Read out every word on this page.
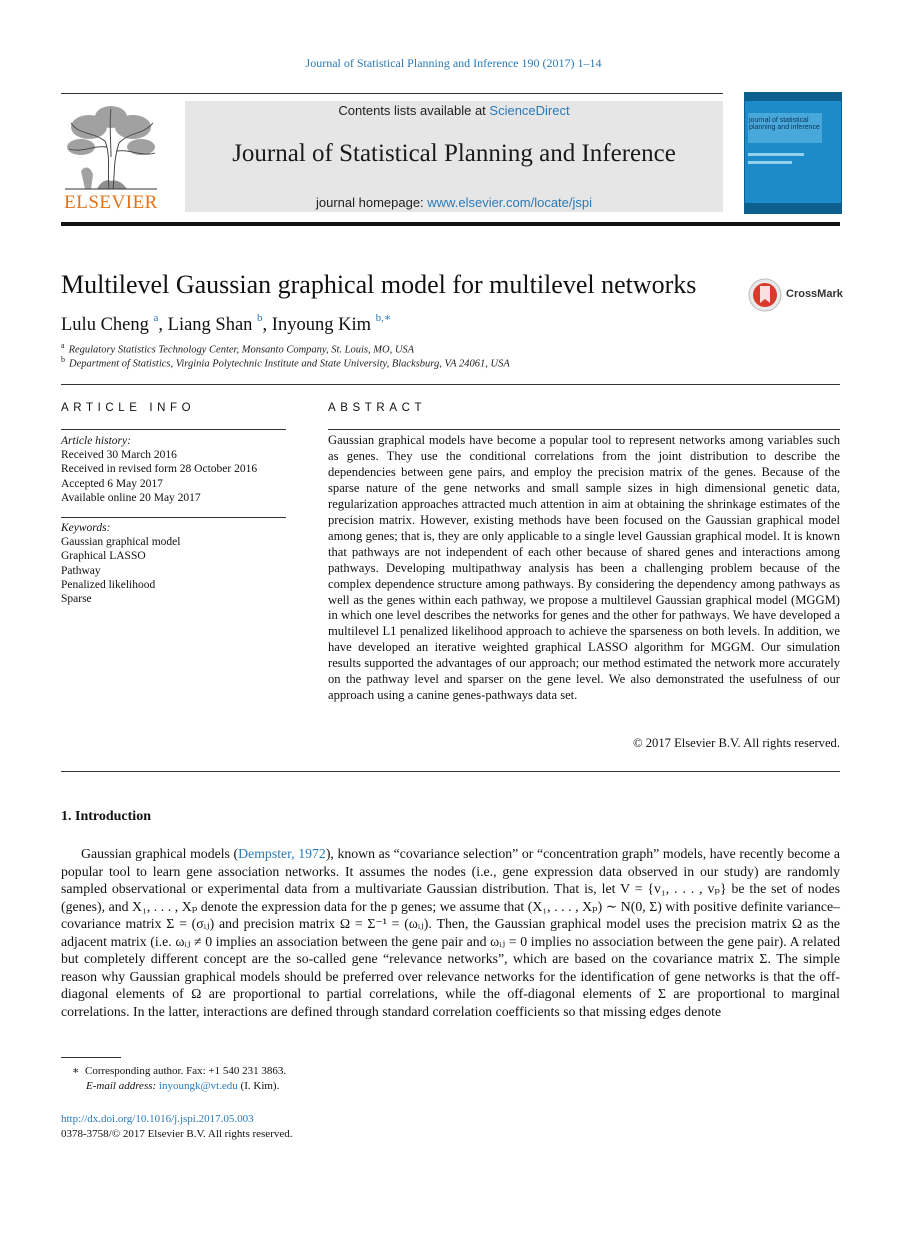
Journal of Statistical Planning and Inference 190 (2017) 1–14
Contents lists available at ScienceDirect
Journal of Statistical Planning and Inference
journal homepage: www.elsevier.com/locate/jspi
ELSEVIER
journal of statistical planning and inference
Multilevel Gaussian graphical model for multilevel networks	CrossMark
Lulu Cheng $^a$, Liang Shan $^b$, Inyoung Kim $^{b,∗}$
$^a$ Regulatory Statistics Technology Center, Monsanto Company, St. Louis, MO, USA
$^b$ Department of Statistics, Virginia Polytechnic Institute and State University, Blacksburg, VA 24061, USA
ARTICLE INFO
Article history:
Received 30 March 2016
Received in revised form 28 October 2016
Accepted 6 May 2017
Available online 20 May 2017
Keywords:
Gaussian graphical model
Graphical LASSO
Pathway
Penalized likelihood
Sparse
ABSTRACT
Gaussian graphical models have become a popular tool to represent networks among variables such as genes. They use the conditional correlations from the joint distribution to describe the dependencies between gene pairs, and employ the precision matrix of the genes. Because of the sparse nature of the gene networks and small sample sizes in high dimensional genetic data, regularization approaches attracted much attention in aim at obtaining the shrinkage estimates of the precision matrix. However, existing methods have been focused on the Gaussian graphical model among genes; that is, they are only applicable to a single level Gaussian graphical model. It is known that pathways are not independent of each other because of shared genes and interactions among pathways. Developing multipathway analysis has been a challenging problem because of the complex dependence structure among pathways. By considering the dependency among pathways as well as the genes within each pathway, we propose a multilevel Gaussian graphical model (MGGM) in which one level describes the networks for genes and the other for pathways. We have developed a multilevel L1 penalized likelihood approach to achieve the sparseness on both levels. In addition, we have developed an iterative weighted graphical LASSO algorithm for MGGM. Our simulation results supported the advantages of our approach; our method estimated the network more accurately on the pathway level and sparser on the gene level. We also demonstrated the usefulness of our approach using a canine genes-pathways data set.
© 2017 Elsevier B.V. All rights reserved.
1. Introduction

Gaussian graphical models (Dempster, 1972), known as “covariance selection” or “concentration graph” models, have recently become a popular tool to learn gene association networks. It assumes the nodes (i.e., gene expression data observed in our study) are randomly sampled observational or experimental data from a multivariate Gaussian distribution. That is, let V = {v₁, . . . , vₚ} be the set of nodes (genes), and X₁, . . . , Xₚ denote the expression data for the p genes; we assume that (X₁, . . . , Xₚ) ∼ N(0, Σ) with positive definite variance–covariance matrix Σ = (σᵢⱼ) and precision matrix Ω = Σ⁻¹ = (ωᵢⱼ). Then, the Gaussian graphical model uses the precision matrix Ω as the adjacent matrix (i.e. ωᵢⱼ ≠ 0 implies an association between the gene pair and ωᵢⱼ = 0 implies no association between the gene pair). A related but completely different concept are the so-called gene “relevance networks”, which are based on the covariance matrix Σ. The simple reason why Gaussian graphical models should be preferred over relevance networks for the identification of gene networks is that the off-diagonal elements of Ω are proportional to partial correlations, while the off-diagonal elements of Σ are proportional to marginal correlations. In the latter, interactions are defined through standard correlation coefficients so that missing edges denote

∗ Corresponding author. Fax: +1 540 231 3863.
E-mail address: inyoungk@vt.edu (I. Kim).
http://dx.doi.org/10.1016/j.jspi.2017.05.003
0378-3758/© 2017 Elsevier B.V. All rights reserved.
